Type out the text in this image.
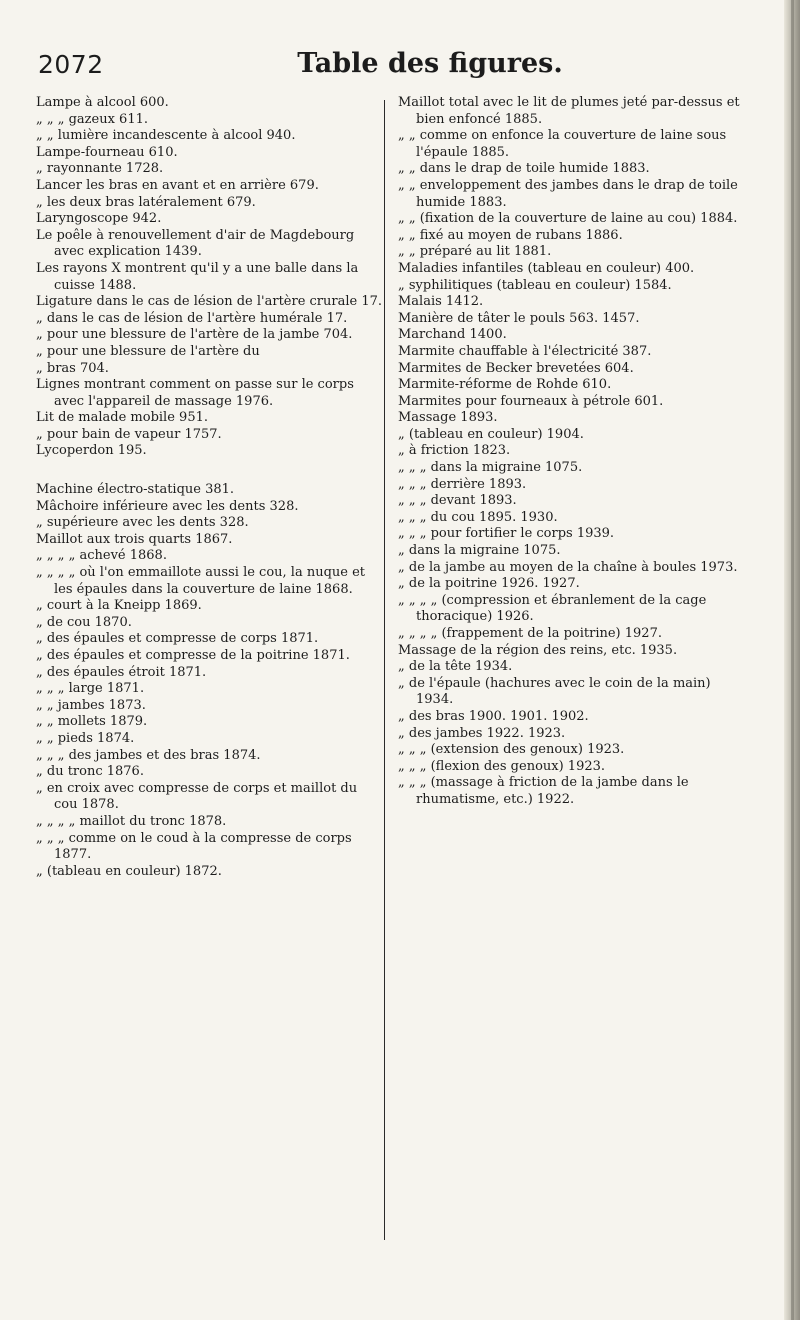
2072	Table des figures.

Lampe à alcool 600.

„ „ „ gazeux 611.

„ „ lumière incandescente à alcool 940.

Lampe-fourneau 610.

„ rayonnante 1728.

Lancer les bras en avant et en arrière 679.

„ les deux bras latéralement 679.

Laryngoscope 942.

Le poêle à renouvellement d'air de Magdebourg avec explication 1439.

Les rayons X montrent qu'il y a une balle dans la cuisse 1488.

Ligature dans le cas de lésion de l'artère crurale 17.

„ dans le cas de lésion de l'artère humérale 17.

„ pour une blessure de l'artère de la jambe 704.

„ pour une blessure de l'artère du

„ bras 704.

Lignes montrant comment on passe sur le corps avec l'appareil de massage 1976.

Lit de malade mobile 951.

„ pour bain de vapeur 1757.

Lycoperdon 195.

Machine électro-statique 381.

Mâchoire inférieure avec les dents 328.

„ supérieure avec les dents 328.

Maillot aux trois quarts 1867.

„ „ „ „ achevé 1868.

„ „ „ „ où l'on emmaillote aussi le cou, la nuque et les épaules dans la couverture de laine 1868.

„ court à la Kneipp 1869.

„ de cou 1870.

„ des épaules et compresse de corps 1871.

„ des épaules et compresse de la poitrine 1871.

„ des épaules étroit 1871.

„ „ „ large 1871.

„ „ jambes 1873.

„ „ mollets 1879.

„ „ pieds 1874.

„ „ „ des jambes et des bras 1874.

„ du tronc 1876.

„ en croix avec compresse de corps et maillot du cou 1878.

„ „ „ „ maillot du tronc 1878.

„ „ „ comme on le coud à la compresse de corps 1877.

„ (tableau en couleur) 1872.

Maillot total avec le lit de plumes jeté par-dessus et bien enfoncé 1885.

„ „ comme on enfonce la couverture de laine sous l'épaule 1885.

„ „ dans le drap de toile humide 1883.

„ „ enveloppement des jambes dans le drap de toile humide 1883.

„ „ (fixation de la couverture de laine au cou) 1884.

„ „ fixé au moyen de rubans 1886.

„ „ préparé au lit 1881.

Maladies infantiles (tableau en couleur) 400.

„ syphilitiques (tableau en couleur) 1584.

Malais 1412.

Manière de tâter le pouls 563. 1457.

Marchand 1400.

Marmite chauffable à l'électricité 387.

Marmites de Becker brevetées 604.

Marmite-réforme de Rohde 610.

Marmites pour fourneaux à pétrole 601.

Massage 1893.

„ (tableau en couleur) 1904.

„ à friction 1823.

„ „ „ dans la migraine 1075.

„ „ „ derrière 1893.

„ „ „ devant 1893.

„ „ „ du cou 1895. 1930.

„ „ „ pour fortifier le corps 1939.

„ dans la migraine 1075.

„ de la jambe au moyen de la chaîne à boules 1973.

„ de la poitrine 1926. 1927.

„ „ „ „ (compression et ébranlement de la cage thoracique) 1926.

„ „ „ „ (frappement de la poitrine) 1927.

Massage de la région des reins, etc. 1935.

„ de la tête 1934.

„ de l'épaule (hachures avec le coin de la main) 1934.

„ des bras 1900. 1901. 1902.

„ des jambes 1922. 1923.

„ „ „ (extension des genoux) 1923.

„ „ „ (flexion des genoux) 1923.

„ „ „ (massage à friction de la jambe dans le rhumatisme, etc.) 1922.
